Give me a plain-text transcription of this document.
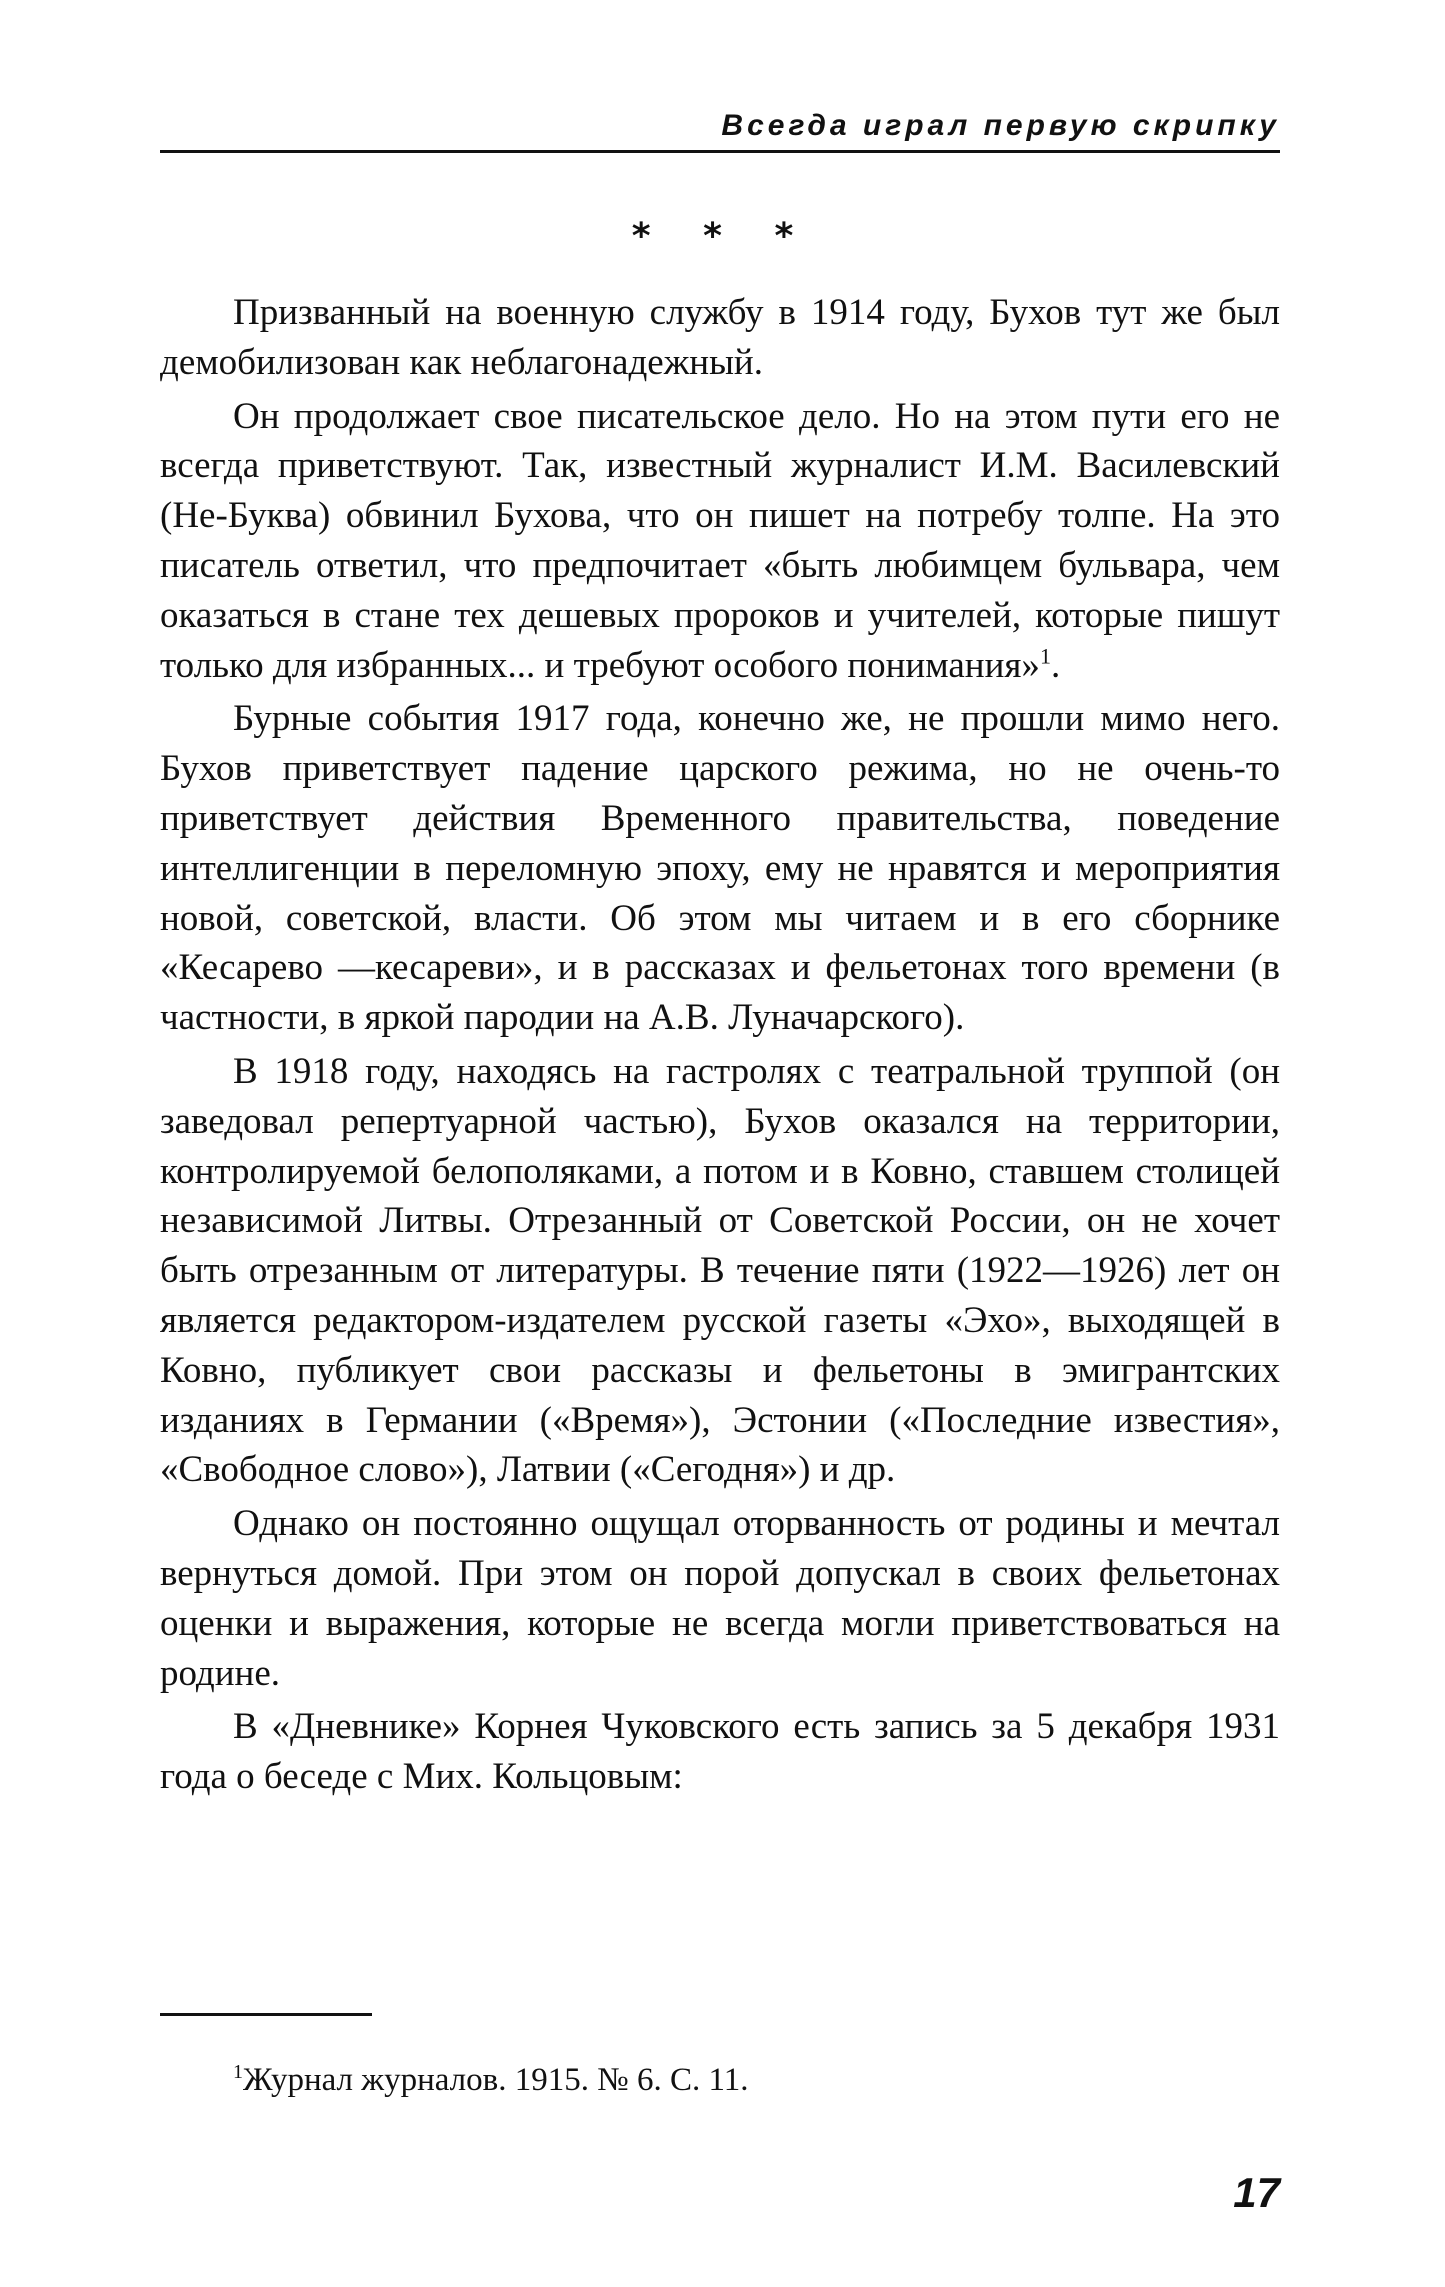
Всегда играл первую скрипку
* * *

Призванный на военную службу в 1914 году, Бухов тут же был демобилизован как неблагонадежный.

Он продолжает свое писательское дело. Но на этом пути его не всегда приветствуют. Так, известный журналист И.М. Василевский (Не-Буква) обвинил Бухова, что он пишет на потребу толпе. На это писатель ответил, что предпочитает «быть любимцем бульвара, чем оказаться в стане тех дешевых пророков и учителей, которые пишут только для избранных... и требуют особого понимания»$^1$.

Бурные события 1917 года, конечно же, не прошли мимо него. Бухов приветствует падение царского режима, но не очень-то приветствует действия Временного правительства, поведение интеллигенции в переломную эпоху, ему не нравятся и мероприятия новой, советской, власти. Об этом мы читаем и в его сборнике «Кесарево —кесареви», и в рассказах и фельетонах того времени (в частности, в яркой пародии на А.В. Луначарского).

В 1918 году, находясь на гастролях с театральной труппой (он заведовал репертуарной частью), Бухов оказался на территории, контролируемой белополяками, а потом и в Ковно, ставшем столицей независимой Литвы. Отрезанный от Советской России, он не хочет быть отрезанным от литературы. В течение пяти (1922—1926) лет он является редактором-издателем русской газеты «Эхо», выходящей в Ковно, публикует свои рассказы и фельетоны в эмигрантских изданиях в Германии («Время»), Эстонии («Последние известия», «Свободное слово»), Латвии («Сегодня») и др.

Однако он постоянно ощущал оторванность от родины и мечтал вернуться домой. При этом он порой допускал в своих фельетонах оценки и выражения, которые не всегда могли приветствоваться на родине.

В «Дневнике» Корнея Чуковского есть запись за 5 декабря 1931 года о беседе с Мих. Кольцовым:

$^1$Журнал журналов. 1915. № 6. С. 11.
17
